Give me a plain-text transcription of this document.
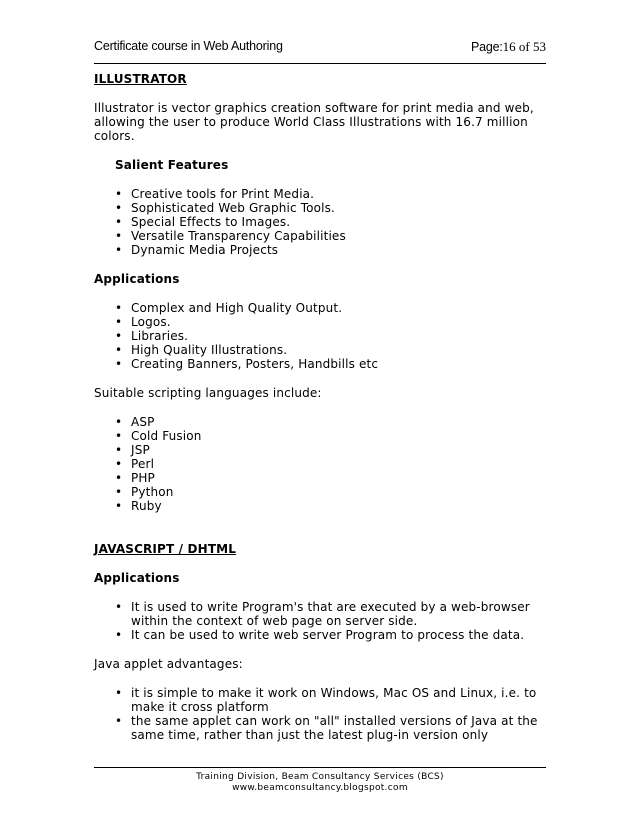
Certificate course in Web Authoring	Page:16 of 53
ILLUSTRATOR

Illustrator is vector graphics creation software for print media and web,
allowing the user to produce World Class Illustrations with 16.7 million
colors.

Salient Features

• Creative tools for Print Media.
• Sophisticated Web Graphic Tools.
• Special Effects to Images.
• Versatile Transparency Capabilities
• Dynamic Media Projects

Applications

• Complex and High Quality Output.
• Logos.
• Libraries.
• High Quality Illustrations.
• Creating Banners, Posters, Handbills etc

Suitable scripting languages include:

• ASP
• Cold Fusion
• JSP
• Perl
• PHP
• Python
• Ruby
JAVASCRIPT / DHTML

Applications

• It is used to write Program's that are executed by a web-browser
within the context of web page on server side.
• It can be used to write web server Program to process the data.

Java applet advantages:

• it is simple to make it work on Windows, Mac OS and Linux, i.e. to
make it cross platform
• the same applet can work on "all" installed versions of Java at the
same time, rather than just the latest plug-in version only
Training Division, Beam Consultancy Services (BCS)
www.beamconsultancy.blogspot.com
